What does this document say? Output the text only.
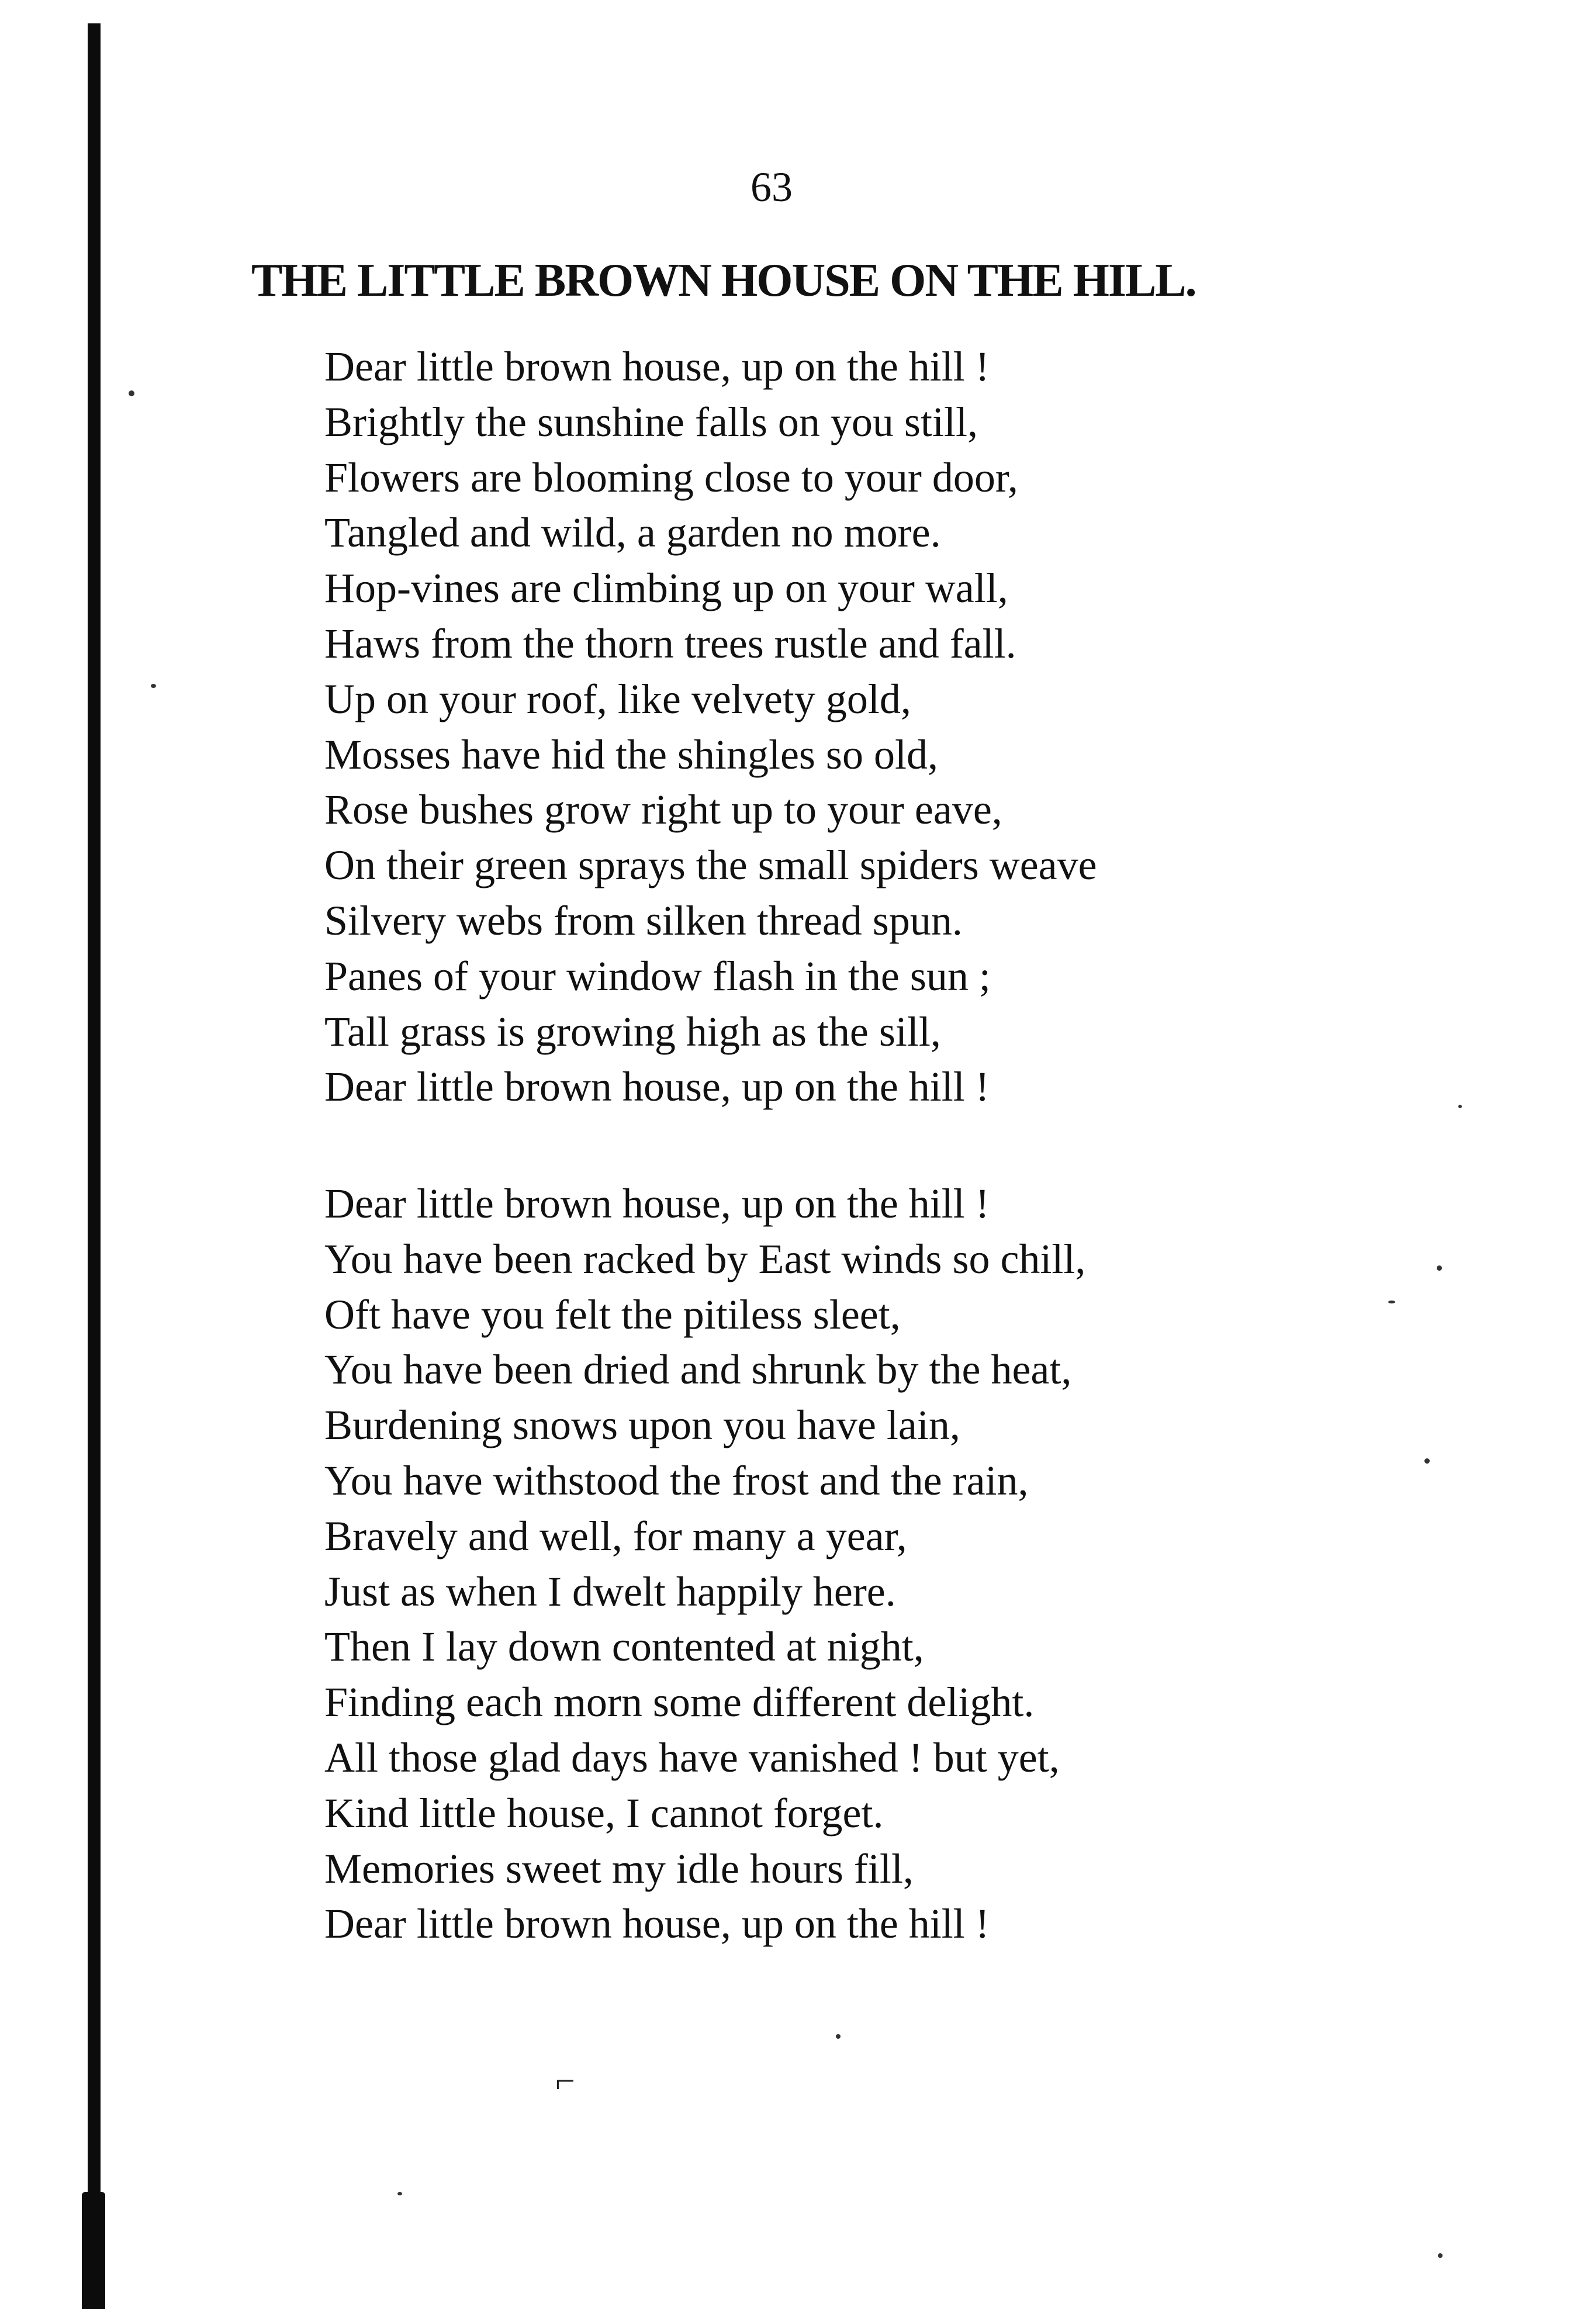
63
THE LITTLE BROWN HOUSE ON THE HILL.
Dear little brown house, up on the hill !
Brightly the sunshine falls on you still,
Flowers are blooming close to your door,
Tangled and wild, a garden no more.
Hop-vines are climbing up on your wall,
Haws from the thorn trees rustle and fall.
Up on your roof, like velvety gold,
Mosses have hid the shingles so old,
Rose bushes grow right up to your eave,
On their green sprays the small spiders weave
Silvery webs from silken thread spun.
Panes of your window flash in the sun ;
Tall grass is growing high as the sill,
Dear little brown house, up on the hill !
Dear little brown house, up on the hill !
You have been racked by East winds so chill,
Oft have you felt the pitiless sleet,
You have been dried and shrunk by the heat,
Burdening snows upon you have lain,
You have withstood the frost and the rain,
Bravely and well, for many a year,
Just as when I dwelt happily here.
Then I lay down contented at night,
Finding each morn some different delight.
All those glad days have vanished ! but yet,
Kind little house, I cannot forget.
Memories sweet my idle hours fill,
Dear little brown house, up on the hill !
⌐
